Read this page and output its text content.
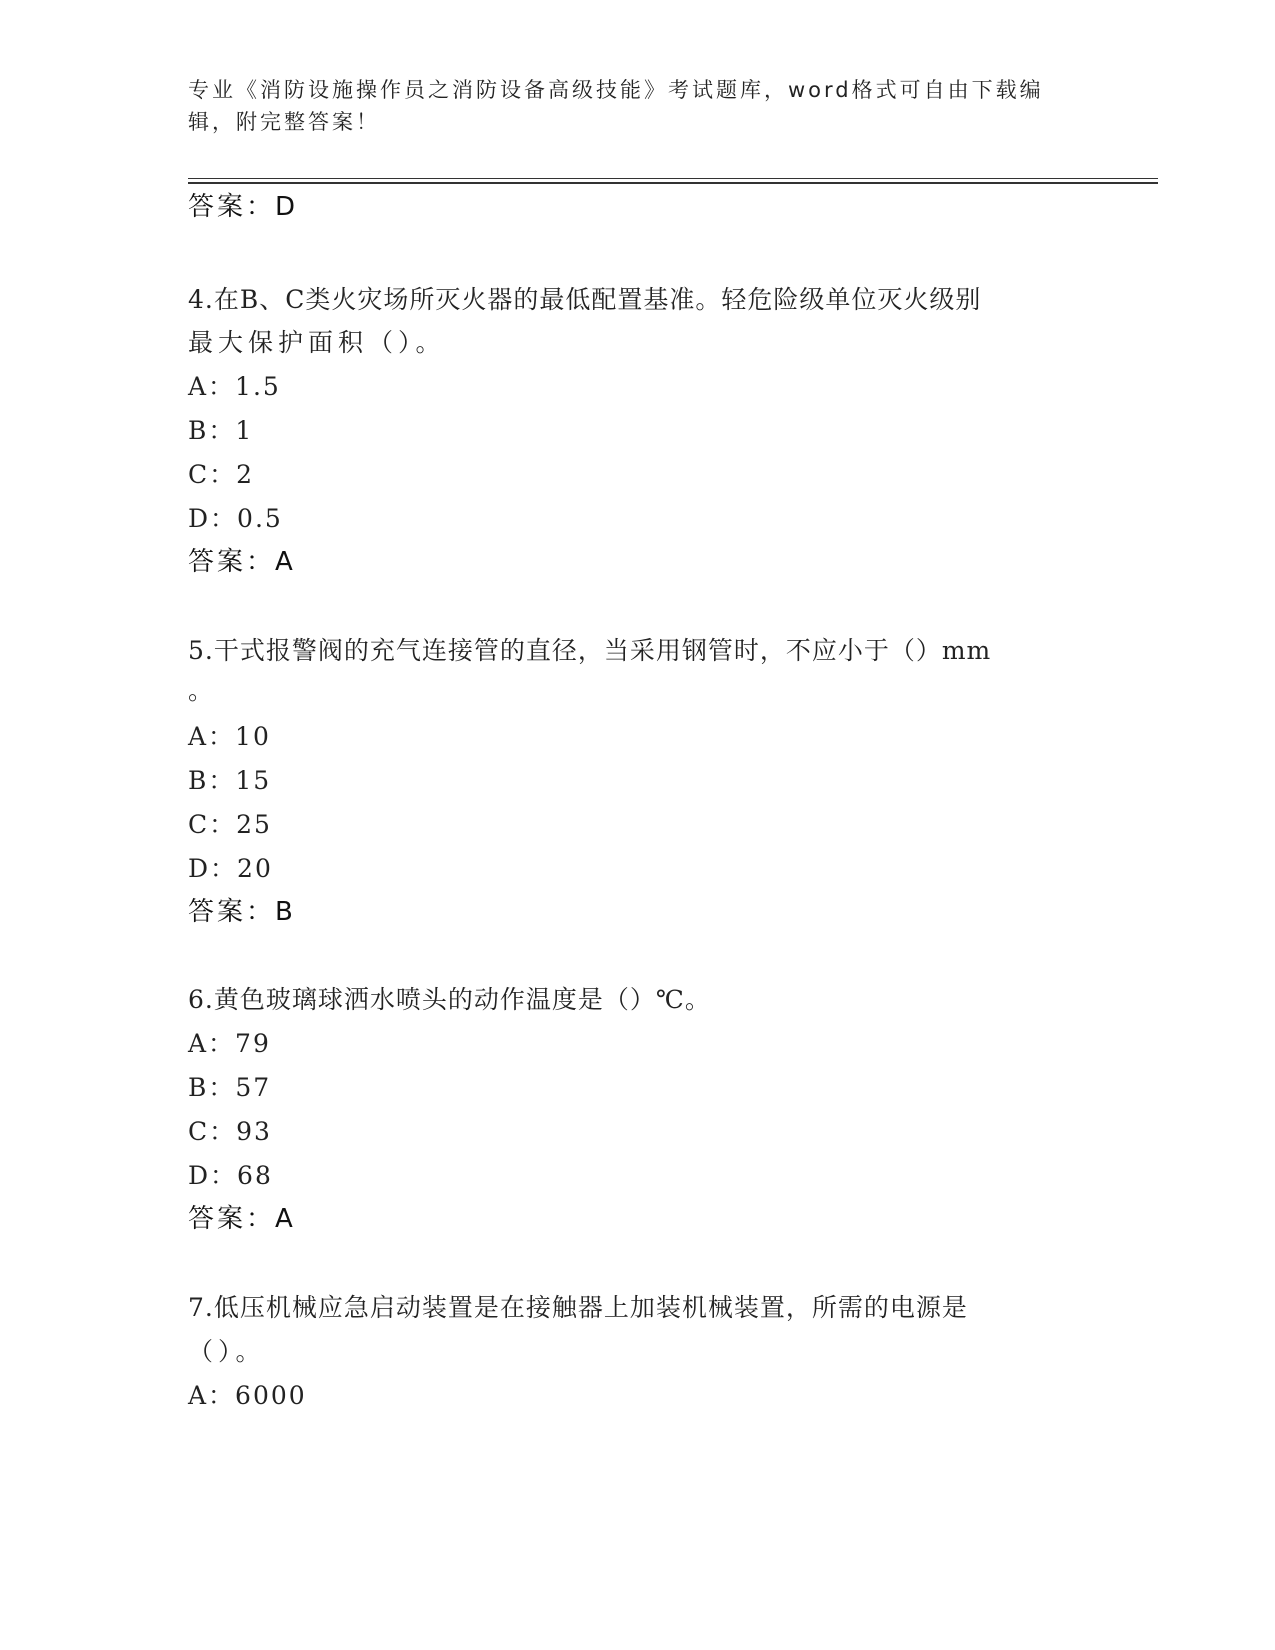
专业《消防设施操作员之消防设备高级技能》考试题库，word格式可自由下载编辑，附完整答案！
答案：D
4.在B、C类火灾场所灭火器的最低配置基准。轻危险级单位灭火级别
最大保护面积（）。
A：1.5
B：1
C：2
D：0.5
答案：A
5.干式报警阀的充气连接管的直径，当采用钢管时，不应小于（）mm
。
A：10
B：15
C：25
D：20
答案：B
6.黄色玻璃球洒水喷头的动作温度是（）℃。
A：79
B：57
C：93
D：68
答案：A
7.低压机械应急启动装置是在接触器上加装机械装置，所需的电源是
（）。
A：6000
